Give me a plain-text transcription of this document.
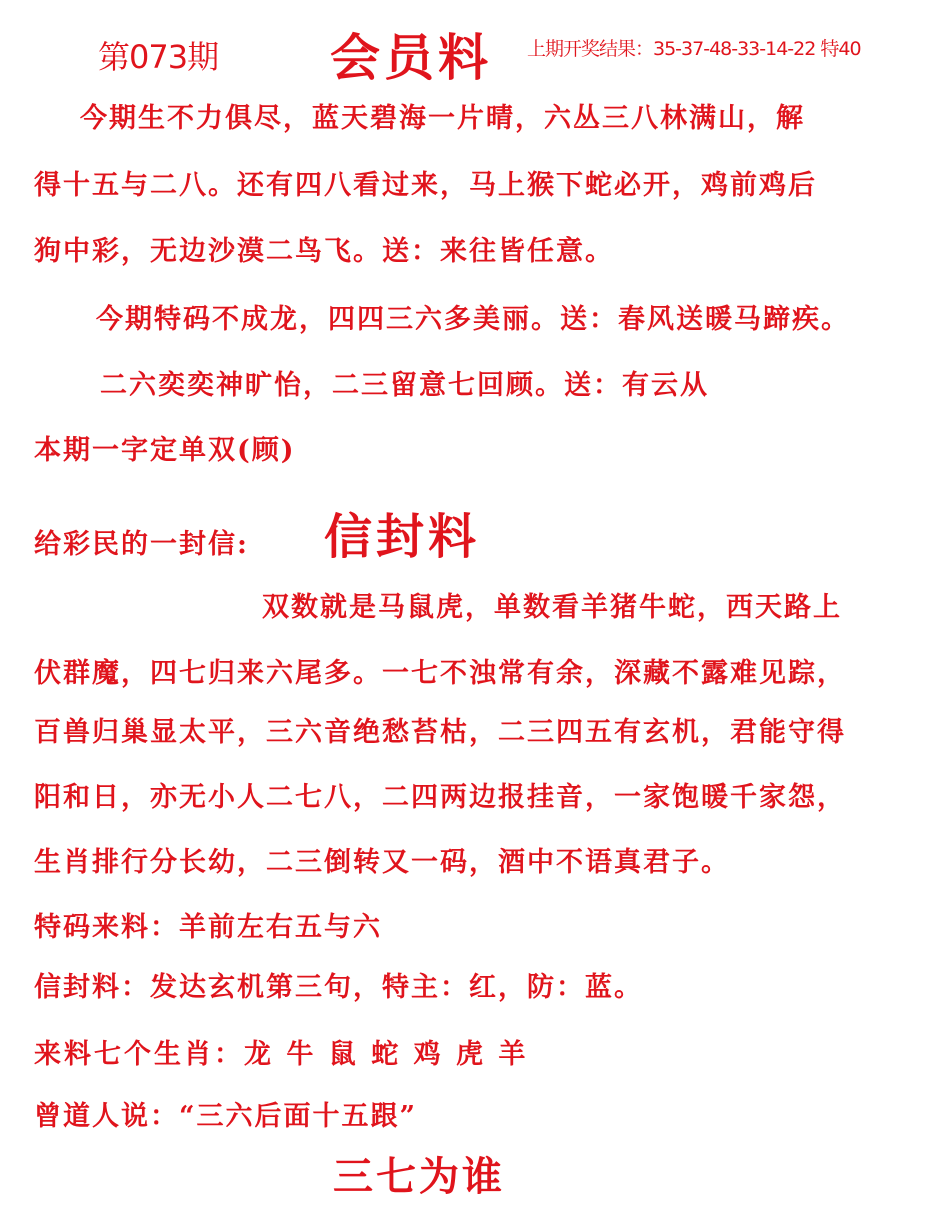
第073期 会员料 上期开奖结果：35-37-48-33-14-22 特40
今期生不力俱尽，蓝天碧海一片晴，六丛三八林满山，解
得十五与二八。还有四八看过来，马上猴下蛇必开，鸡前鸡后
狗中彩，无边沙漠二鸟飞。送：来往皆任意。
今期特码不成龙，四四三六多美丽。送：春风送暖马蹄疾。
二六奕奕神旷怡，二三留意七回顾。送：有云从
本期一字定单双(顾)
给彩民的一封信: 信封料
双数就是马鼠虎，单数看羊猪牛蛇，西天路上
伏群魔，四七归来六尾多。一七不浊常有余，深藏不露难见踪，
百兽归巢显太平，三六音绝愁苔枯，二三四五有玄机，君能守得
阳和日，亦无小人二七八，二四两边报挂音，一家饱暖千家怨，
生肖排行分长幼，二三倒转又一码，酒中不语真君子。
特码来料：羊前左右五与六
信封料：发达玄机第三句，特主：红，防：蓝。
来料七个生肖：龙 牛 鼠 蛇 鸡 虎 羊
曾道人说：“三六后面十五跟”
三七为谁
